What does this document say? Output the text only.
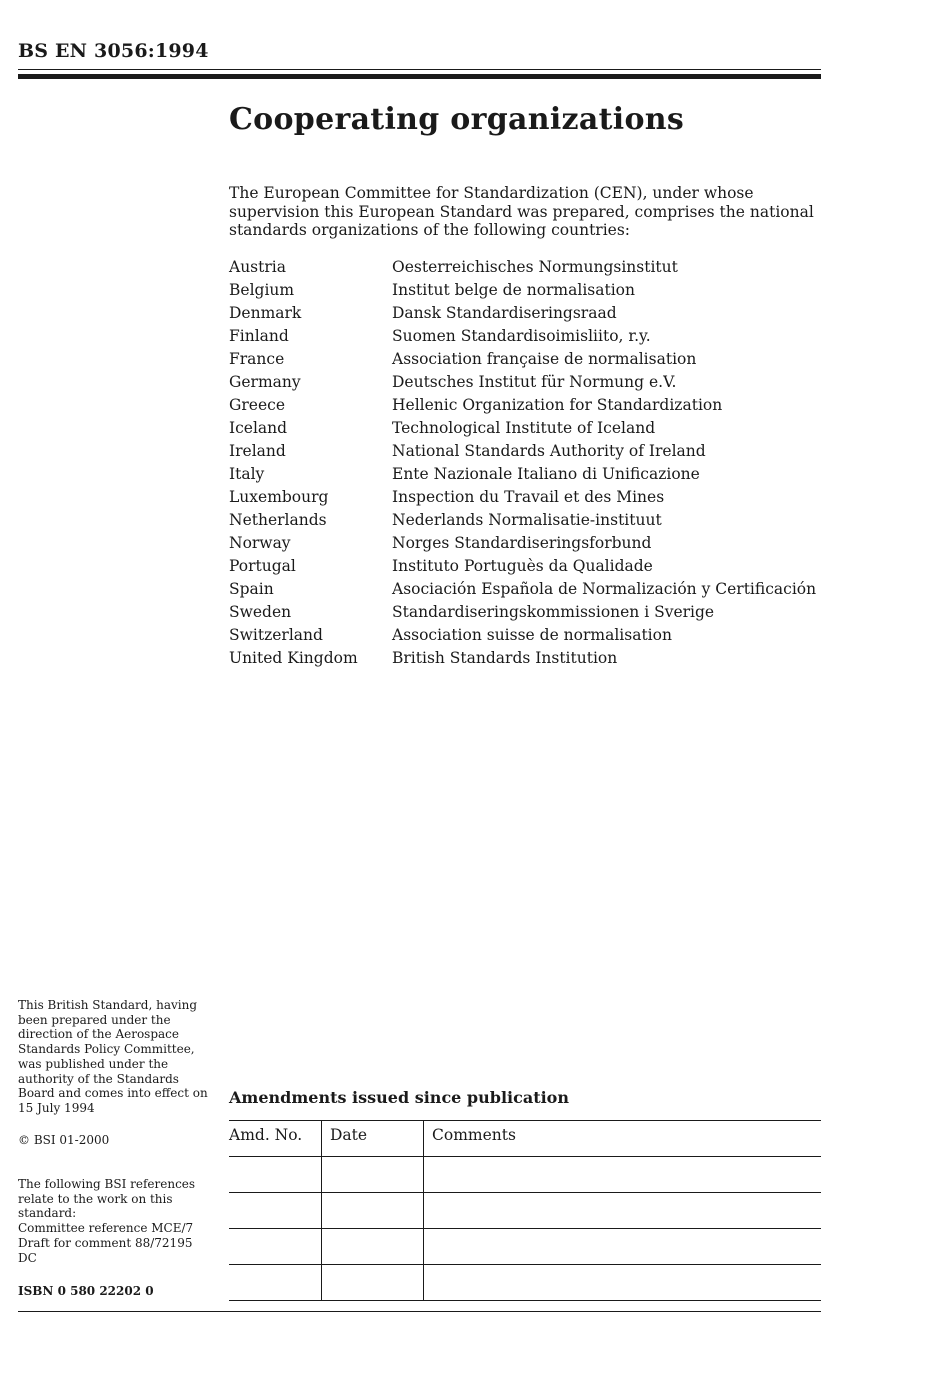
BS EN 3056:1994
Cooperating organizations
The European Committee for Standardization (CEN), under whose supervision this European Standard was prepared, comprises the national standards organizations of the following countries:
Austria	Oesterreichisches Normungsinstitut
Belgium	Institut belge de normalisation
Denmark	Dansk Standardiseringsraad
Finland	Suomen Standardisoimisliito, r.y.
France	Association française de normalisation
Germany	Deutsches Institut für Normung e.V.
Greece	Hellenic Organization for Standardization
Iceland	Technological Institute of Iceland
Ireland	National Standards Authority of Ireland
Italy	Ente Nazionale Italiano di Unificazione
Luxembourg	Inspection du Travail et des Mines
Netherlands	Nederlands Normalisatie-instituut
Norway	Norges Standardiseringsforbund
Portugal	Instituto Portuguès da Qualidade
Spain	Asociación Española de Normalización y Certificación
Sweden	Standardiseringskommissionen i Sverige
Switzerland	Association suisse de normalisation
United Kingdom	British Standards Institution
This British Standard, having
been prepared under the
direction of the Aerospace
Standards Policy Committee,
was published under the
authority of the Standards
Board and comes into effect on
15 July 1994
© BSI 01-2000
The following BSI references
relate to the work on this
standard:
Committee reference MCE/7
Draft for comment 88/72195 DC
ISBN 0 580 22202 0
Amendments issued since publication
Amd. No.	Date	Comments
